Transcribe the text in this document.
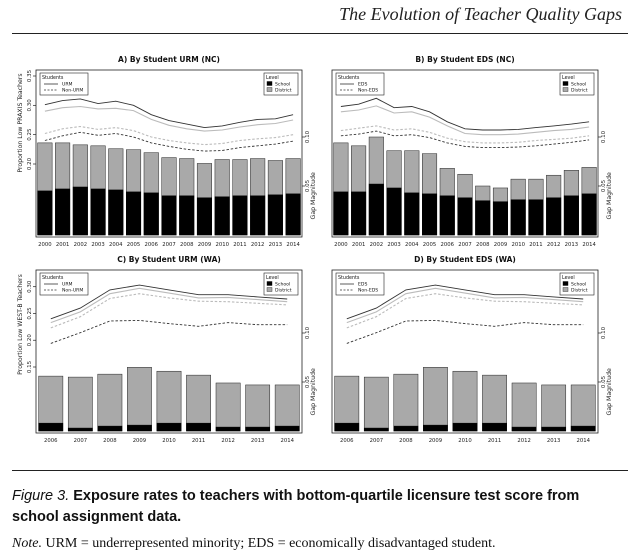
The Evolution of Teacher Quality Gaps
A) By Student URM (NC)
0.20
0.25
0.30
0.35
Proportion Low PRAXIS Teachers
0.05
0.10
Gap Magnitude
2000 2001 2002 2003 2004 2005 2006 2007 2008 2009 2010 2011 2012 2013 2014
Students
URM
Non-URM
Level
School
District
B) By Student EDS (NC)
0.05
0.10
Gap Magnitude
2000 2001 2002 2003 2004 2005 2006 2007 2008 2009 2010 2011 2012 2013 2014
Students
EDS
Non-EDS
Level
School
District
C) By Student URM (WA)
0.15
0.20
0.25
0.30
Proportion Low WEST-B Teachers
0.05
0.10
Gap Magnitude
2006	2007	2008	2009	2010	2011	2012	2013	2014
Students
URM
Non-URM
Level
School
District
D) By Student EDS (WA)
0.05
0.10
Gap Magnitude
2006	2007	2008	2009	2010	2011	2012	2013	2014
Students
EDS
Non-EDS
Level
School
District
Figure 3. Exposure rates to teachers with bottom-quartile licensure test score from school assignment data.
Note. URM = underrepresented minority; EDS = economically disadvantaged student.
